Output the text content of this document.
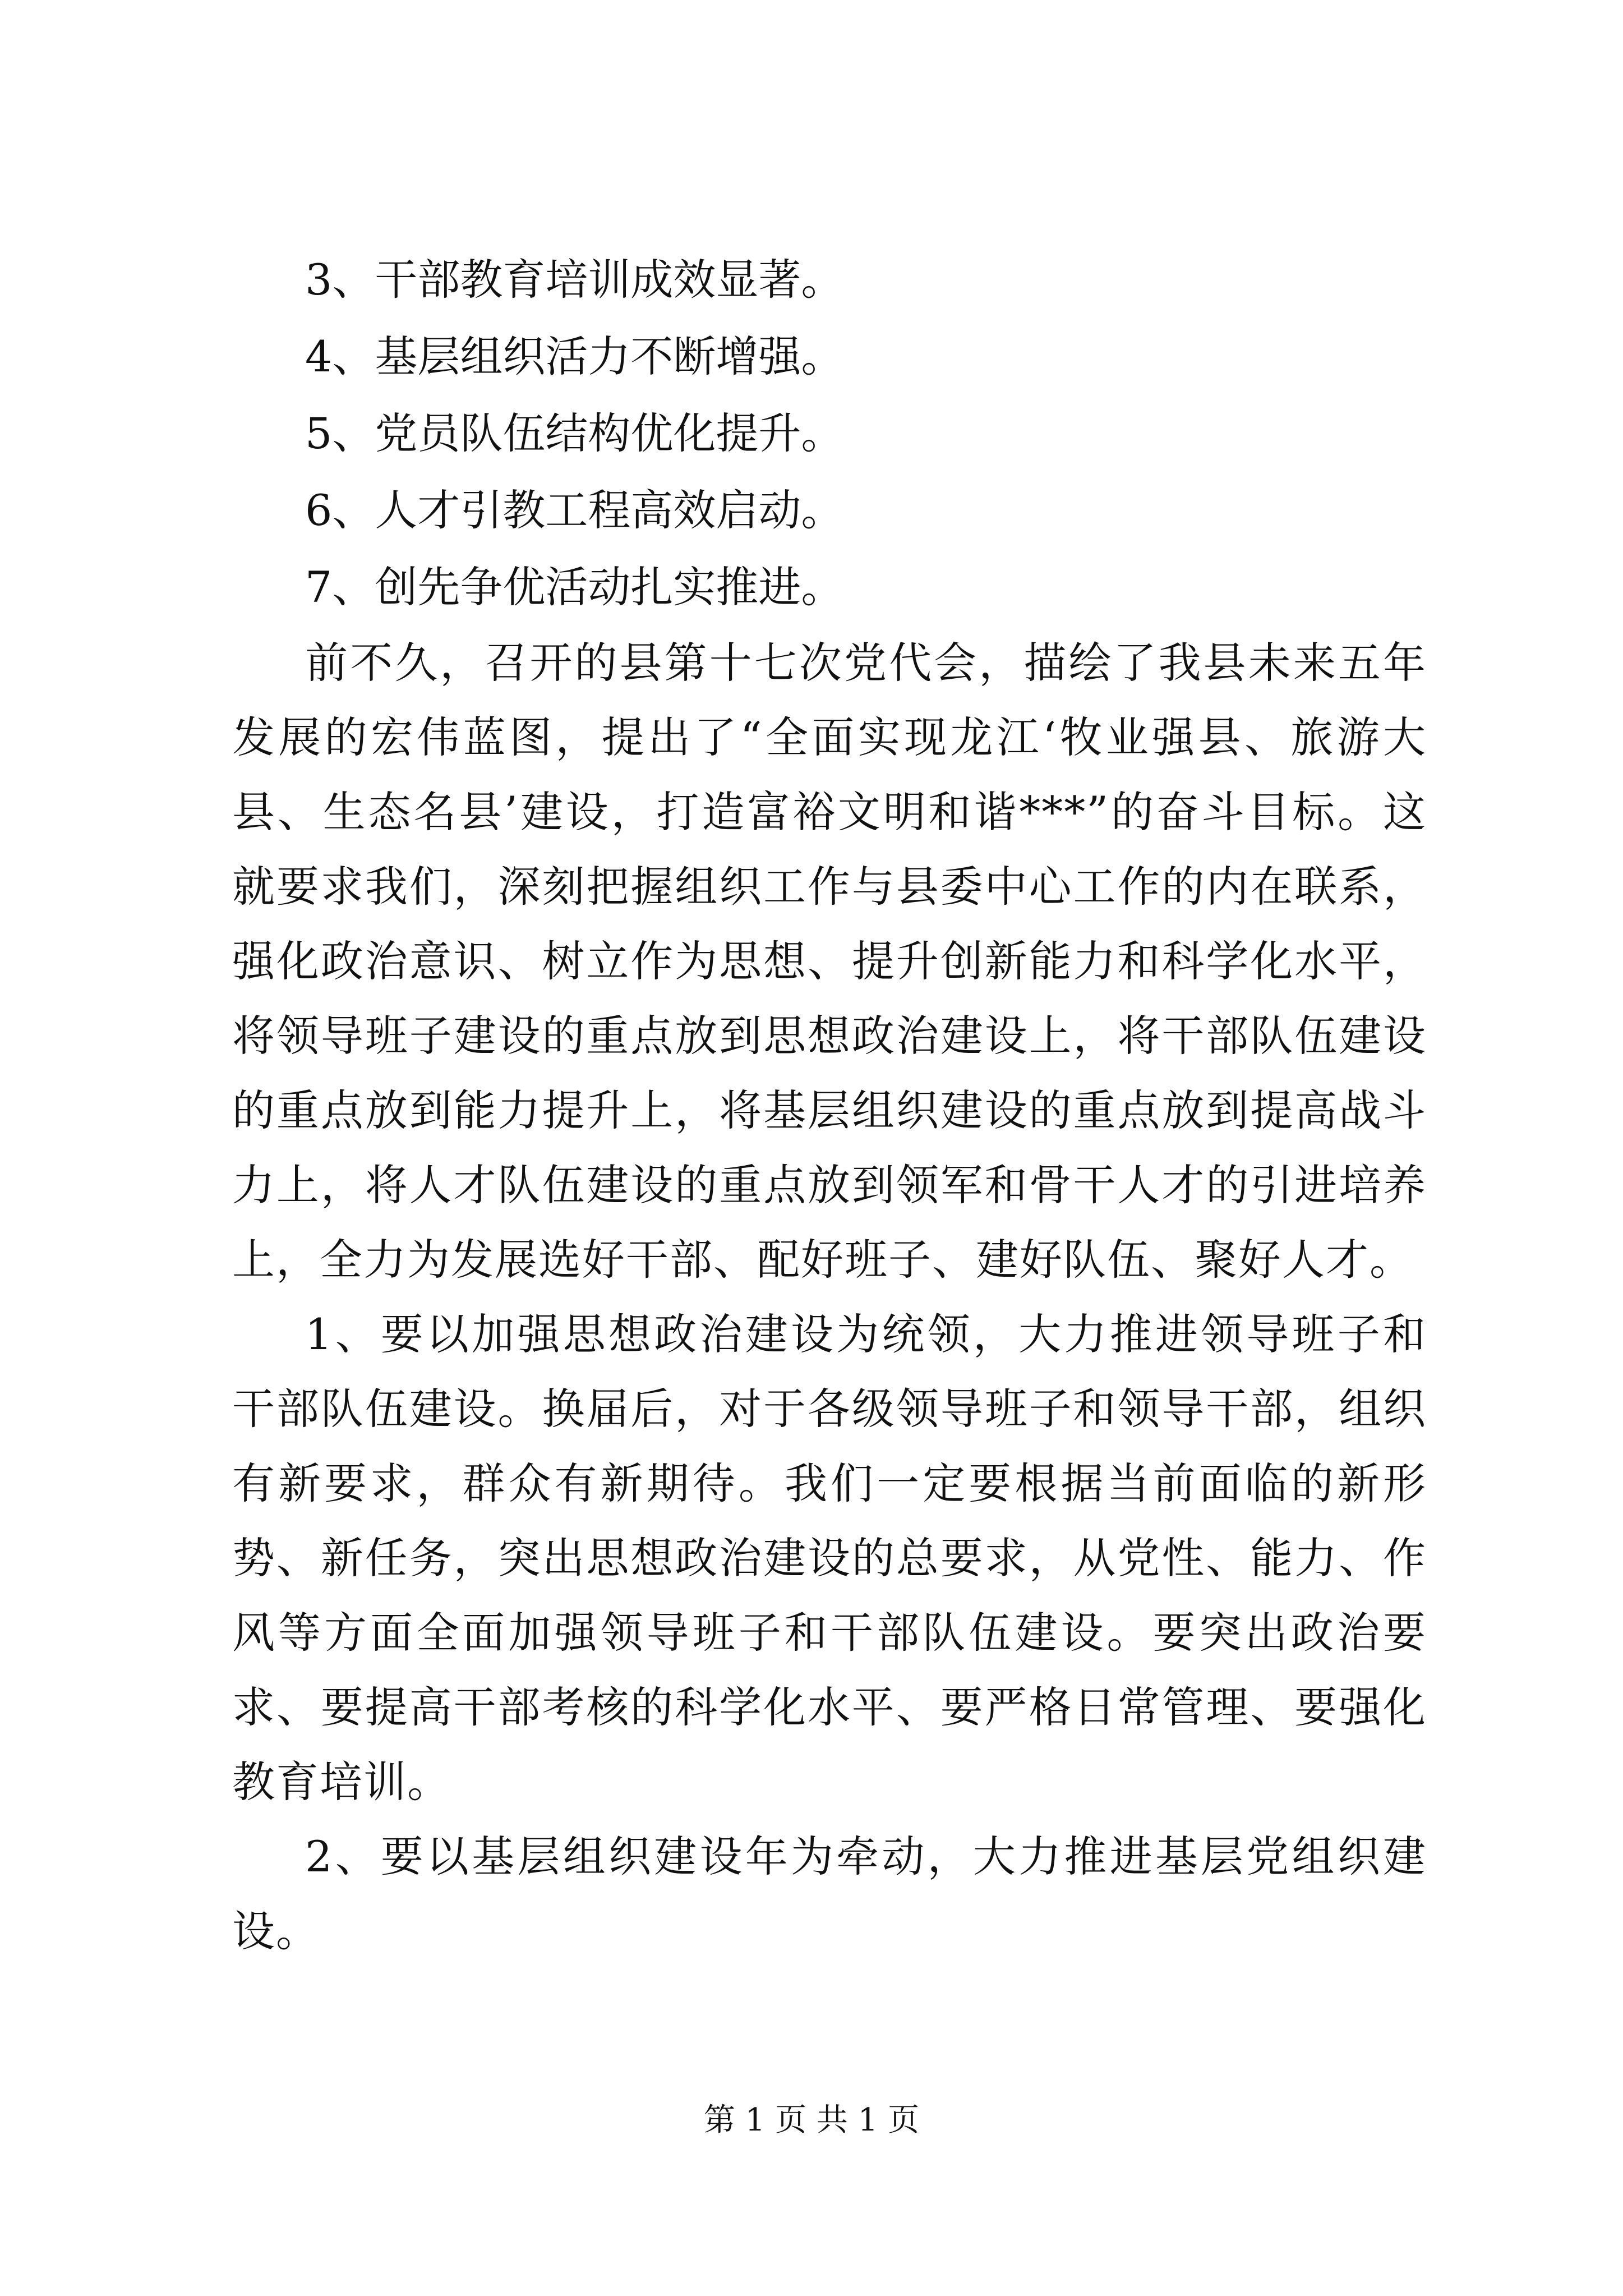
3、干部教育培训成效显著。

4、基层组织活力不断增强。

5、党员队伍结构优化提升。

6、人才引教工程高效启动。

7、创先争优活动扎实推进。

前不久，召开的县第十七次党代会，描绘了我县未来五年发展的宏伟蓝图，提出了“全面实现龙江‘牧业强县、旅游大县、生态名县’建设，打造富裕文明和谐***”的奋斗目标。这就要求我们，深刻把握组织工作与县委中心工作的内在联系，强化政治意识、树立作为思想、提升创新能力和科学化水平，将领导班子建设的重点放到思想政治建设上，将干部队伍建设的重点放到能力提升上，将基层组织建设的重点放到提高战斗力上，将人才队伍建设的重点放到领军和骨干人才的引进培养上，全力为发展选好干部、配好班子、建好队伍、聚好人才。

1、要以加强思想政治建设为统领，大力推进领导班子和干部队伍建设。换届后，对于各级领导班子和领导干部，组织有新要求，群众有新期待。我们一定要根据当前面临的新形势、新任务，突出思想政治建设的总要求，从党性、能力、作风等方面全面加强领导班子和干部队伍建设。要突出政治要求、要提高干部考核的科学化水平、要严格日常管理、要强化教育培训。

2、要以基层组织建设年为牵动，大力推进基层党组织建设。

第 1 页 共 1 页
